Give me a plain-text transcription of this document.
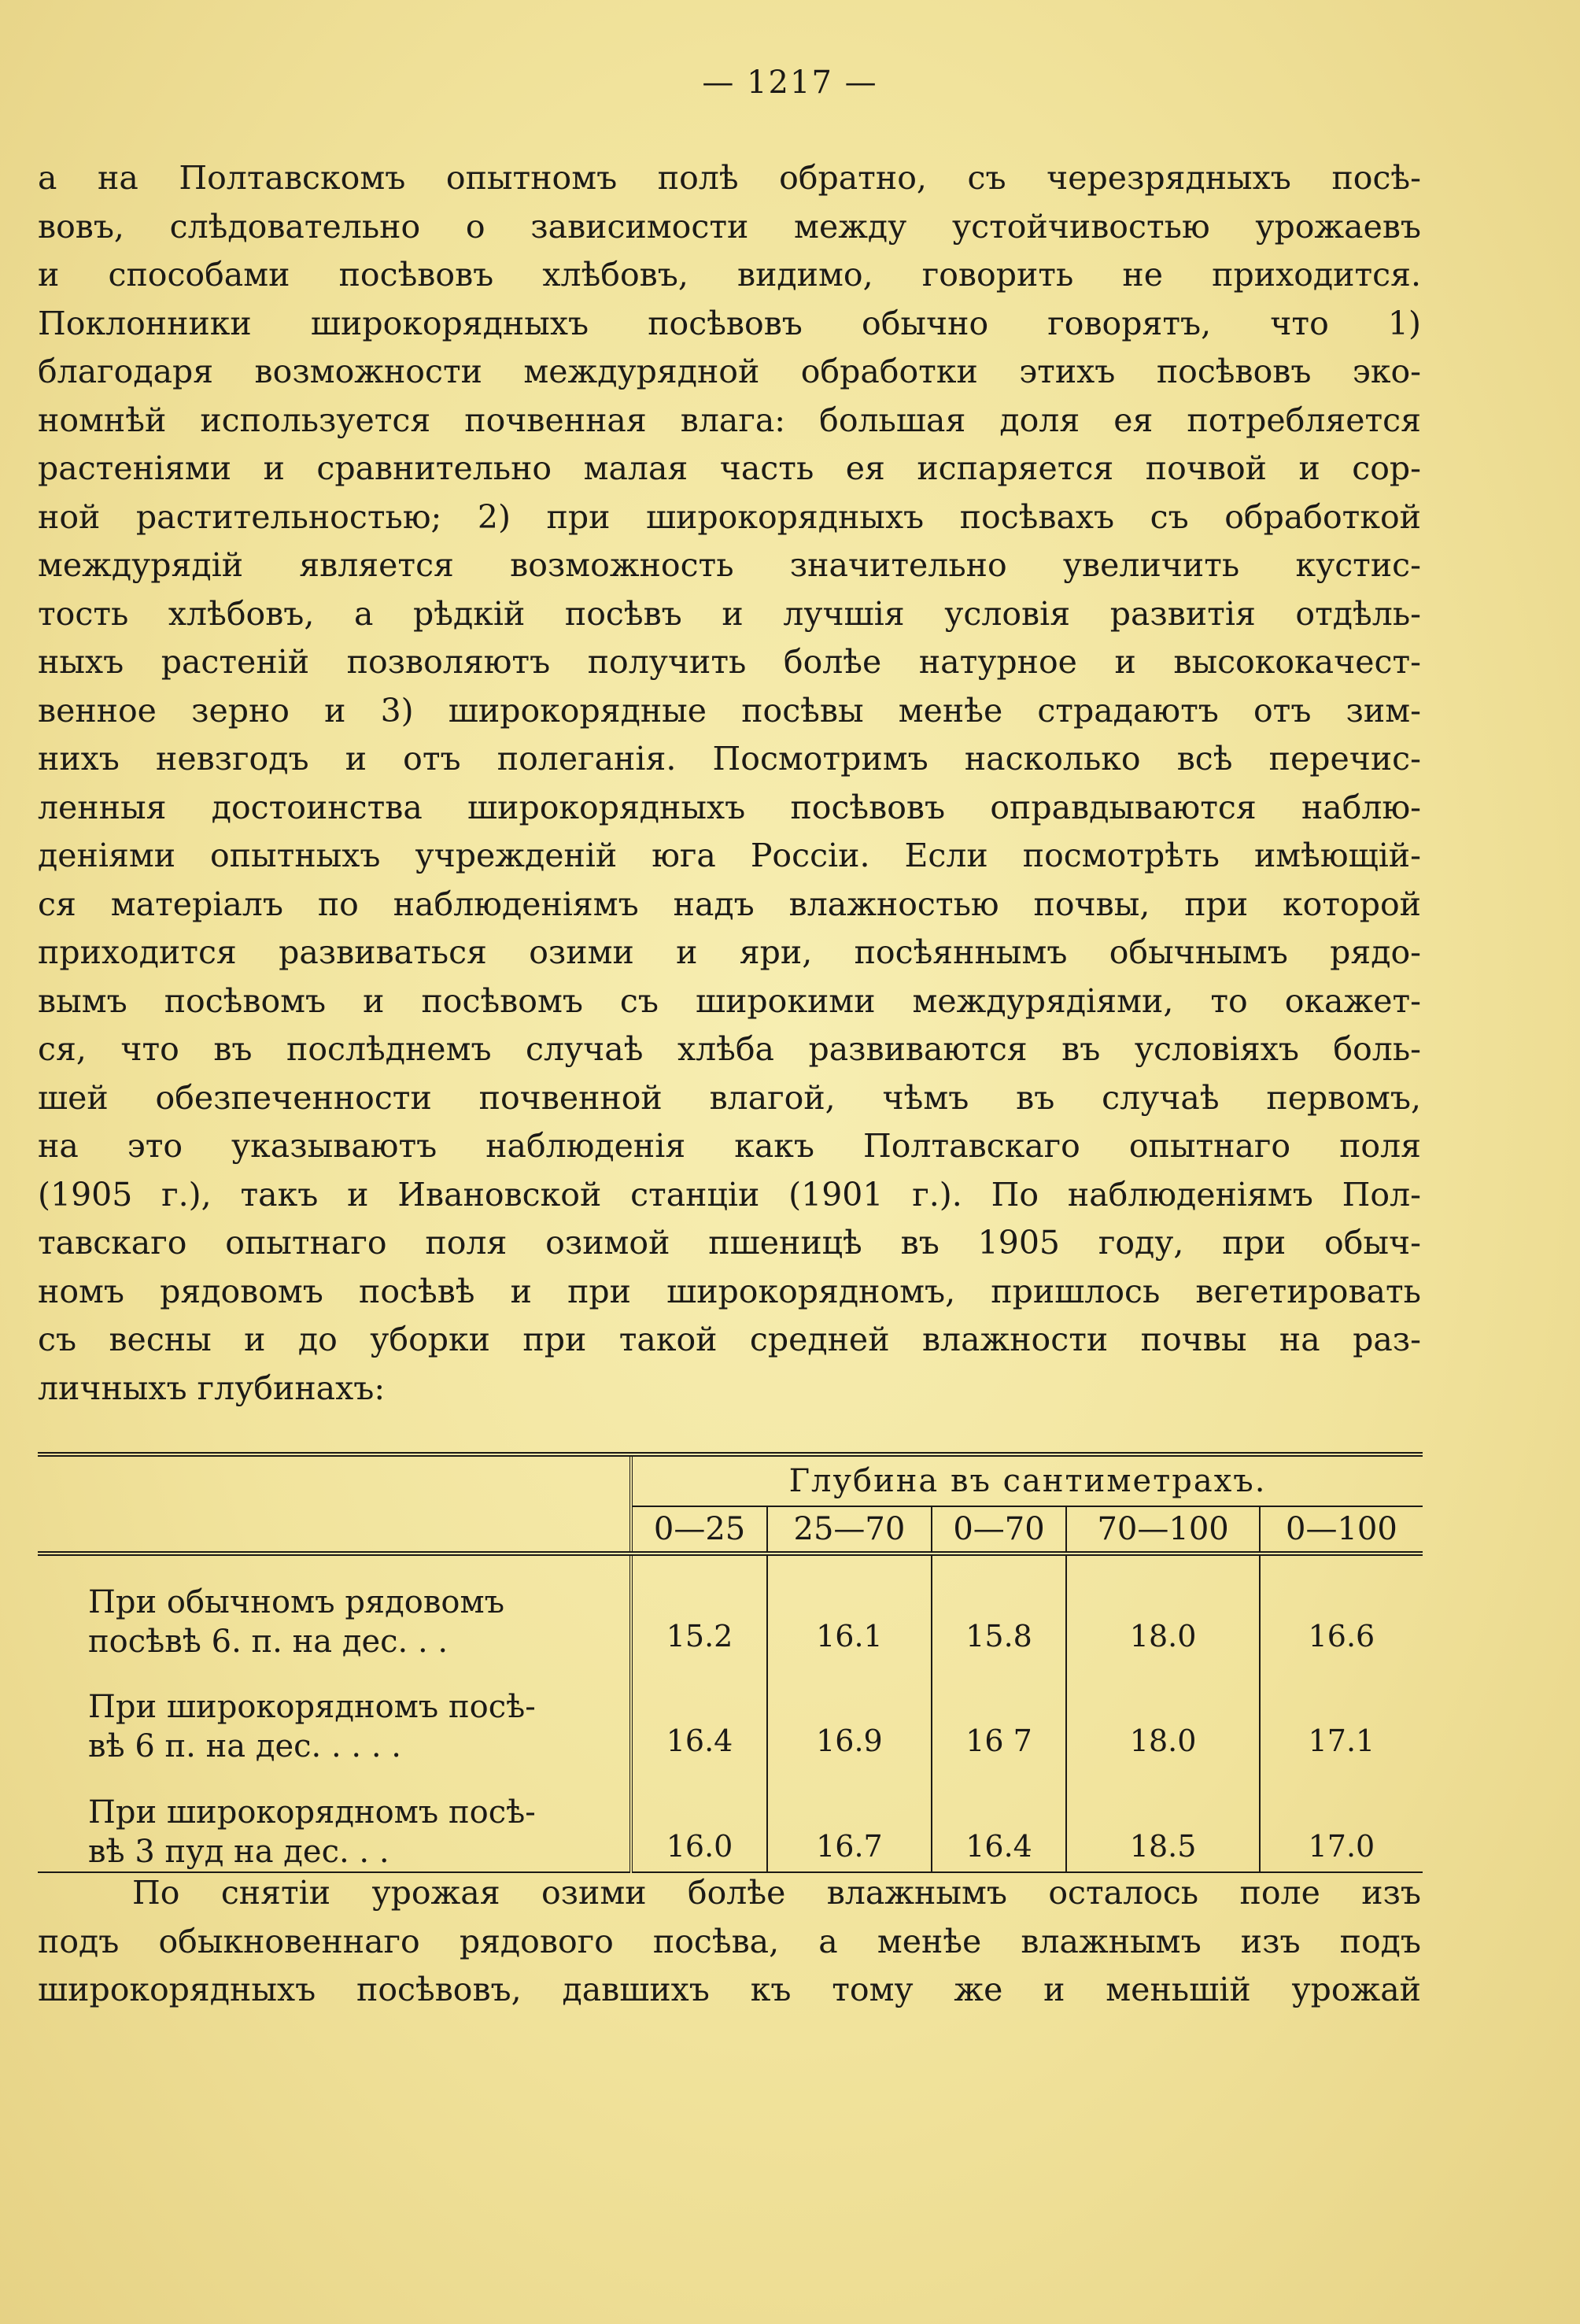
— 1217 —
а на Полтавскомъ опытномъ полѣ обратно, съ черезрядныхъ посѣ-
вовъ, слѣдовательно о зависимости между устойчивостью урожаевъ
и способами посѣвовъ хлѣбовъ, видимо, говорить не приходится.
Поклонники широкорядныхъ посѣвовъ обычно говорятъ, что 1)
благодаря возможности междурядной обработки этихъ посѣвовъ эко-
номнѣй используется почвенная влага: большая доля ея потребляется
растеніями и сравнительно малая часть ея испаряется почвой и сор-
ной растительностью; 2) при широкорядныхъ посѣвахъ съ обработкой
междурядій является возможность значительно увеличить кустис-
тость хлѣбовъ, а рѣдкій посѣвъ и лучшія условія развитія отдѣль-
ныхъ растеній позволяютъ получить болѣе натурное и высококачест-
венное зерно и 3) широкорядные посѣвы менѣе страдаютъ отъ зим-
нихъ невзгодъ и отъ полеганія. Посмотримъ насколько всѣ перечис-
ленныя достоинства широкорядныхъ посѣвовъ оправдываются наблю-
деніями опытныхъ учрежденій юга Россіи. Если посмотрѣть имѣющій-
ся матеріалъ по наблюденіямъ надъ влажностью почвы, при которой
приходится развиваться озими и яри, посѣяннымъ обычнымъ рядо-
вымъ посѣвомъ и посѣвомъ съ широкими междурядіями, то окажет-
ся, что въ послѣднемъ случаѣ хлѣба развиваются въ условіяхъ боль-
шей обезпеченности почвенной влагой, чѣмъ въ случаѣ первомъ,
на это указываютъ наблюденія какъ Полтавскаго опытнаго поля
(1905 г.), такъ и Ивановской станціи (1901 г.). По наблюденіямъ Пол-
тавскаго опытнаго поля озимой пшеницѣ въ 1905 году, при обыч-
номъ рядовомъ посѣвѣ и при широкорядномъ, пришлось вегетировать
съ весны и до уборки при такой средней влажности почвы на раз-
личныхъ глубинахъ:
	Глубина въ сантиметрахъ.				
	0—25	25—70	0—70	70—100	0—100

При обычномъ рядовомъ
посѣвѣ 6. п. на дес. . .	15.2	16.1	15.8	18.0	16.6

При широкорядномъ посѣ-
вѣ 6 п. на дес. . . . .	16.4	16.9	16 7	18.0	17.1

При широкорядномъ посѣ-
вѣ 3 пуд на дес. . .	16.0	16.7	16.4	18.5	17.0
По снятіи урожая озими болѣе влажнымъ осталось поле изъ
подъ обыкновеннаго рядового посѣва, а менѣе влажнымъ изъ подъ
широкорядныхъ посѣвовъ, давшихъ къ тому же и меньшій урожай
